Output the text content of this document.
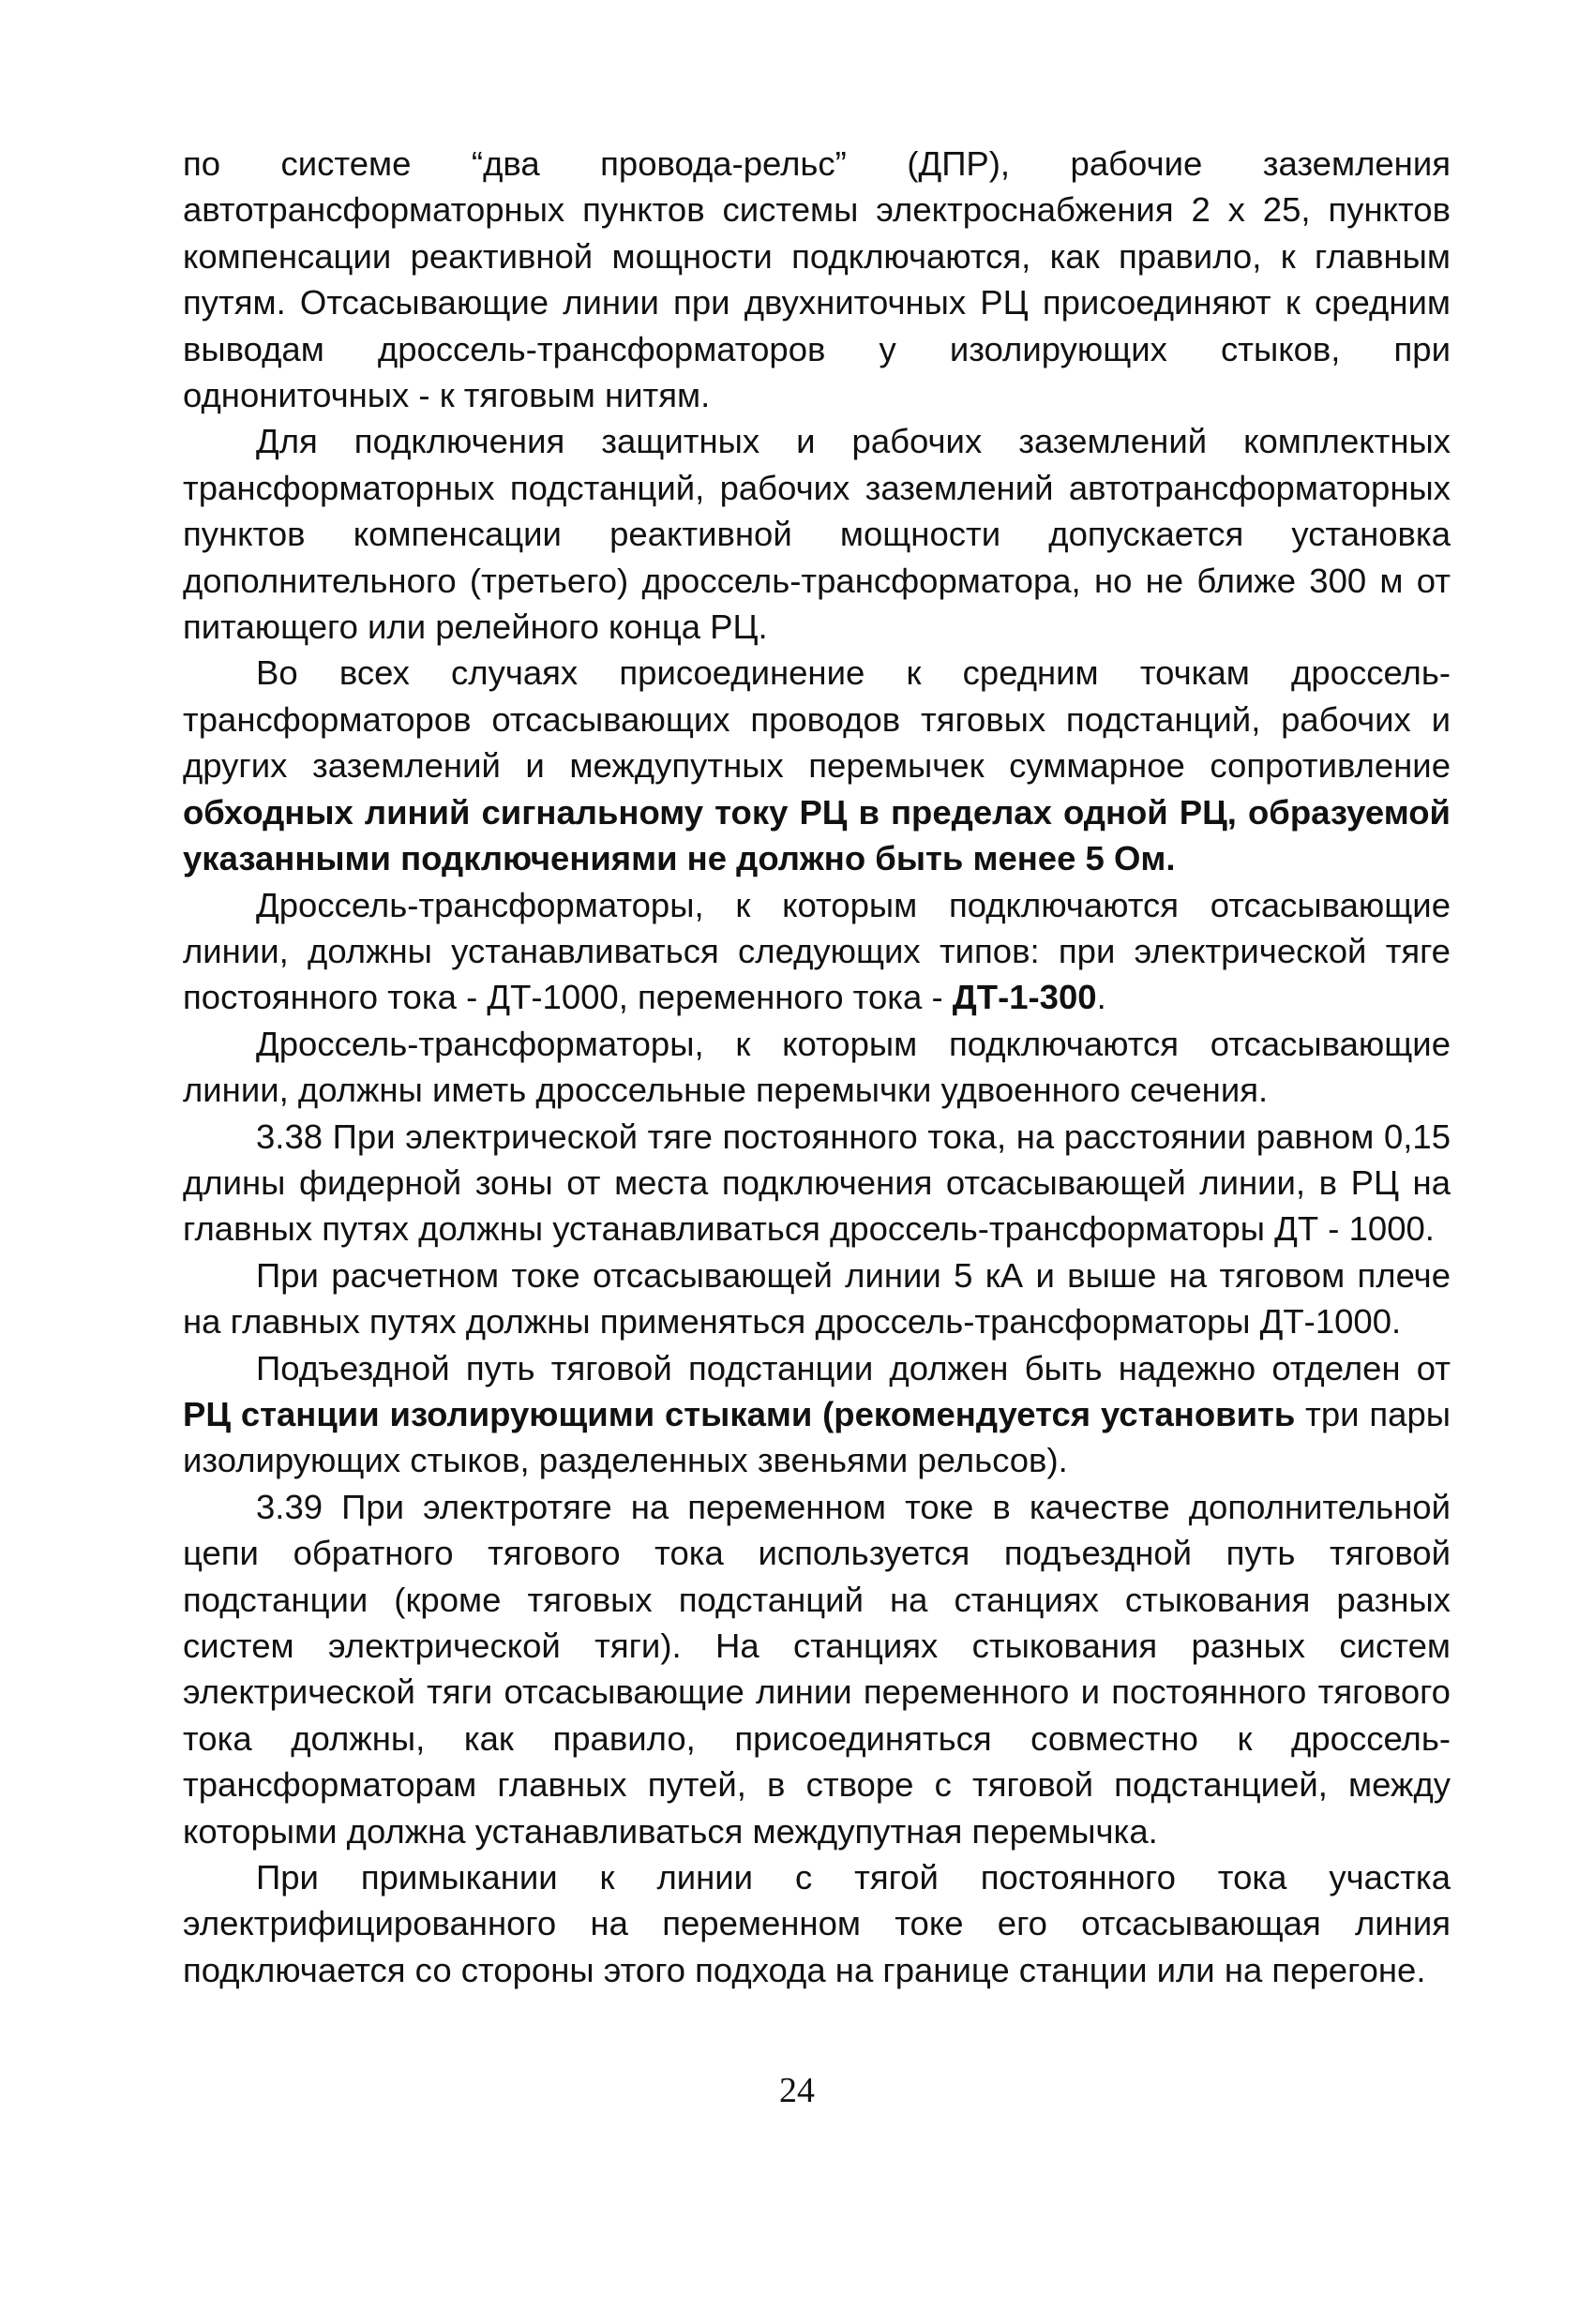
по системе “два провода-рельс” (ДПР), рабочие заземления автотрансформаторных пунктов системы электроснабжения 2 x 25, пунктов компенсации реактивной мощности подключаются, как правило, к главным путям. Отсасывающие линии при двухниточных РЦ присоединяют к средним выводам дроссель-трансформаторов у изолирующих стыков, при однониточных - к тяговым нитям.

Для подключения защитных и рабочих заземлений комплектных трансформаторных подстанций, рабочих заземлений автотрансформаторных пунктов компенсации реактивной мощности допускается установка дополнительного (третьего) дроссель-трансформатора, но не ближе 300 м от питающего или релейного конца РЦ.

Во всех случаях присоединение к средним точкам дроссель-трансформаторов отсасывающих проводов тяговых подстанций, рабочих и других заземлений и междупутных перемычек суммарное сопротивление обходных линий сигнальному току РЦ в пределах одной РЦ, образуемой указанными подключениями не должно быть менее 5 Ом.

Дроссель-трансформаторы, к которым подключаются отсасывающие линии, должны устанавливаться следующих типов: при электрической тяге постоянного тока - ДТ-1000, переменного тока - ДТ-1-300.

Дроссель-трансформаторы, к которым подключаются отсасывающие линии, должны иметь дроссельные перемычки удвоенного сечения.

3.38 При электрической тяге постоянного тока, на расстоянии равном 0,15 длины фидерной зоны от места подключения отсасывающей линии, в РЦ на главных путях должны устанавливаться дроссель-трансформаторы ДТ - 1000.

При расчетном токе отсасывающей линии 5 кА и выше на тяговом плече на главных путях должны применяться дроссель-трансформаторы ДТ-1000.

Подъездной путь тяговой подстанции должен быть надежно отделен от РЦ станции изолирующими стыками (рекомендуется установить три пары изолирующих стыков, разделенных звеньями рельсов).

3.39 При электротяге на переменном токе в качестве дополнительной цепи обратного тягового тока используется подъездной путь тяговой подстанции (кроме тяговых подстанций на станциях стыкования разных систем электрической тяги). На станциях стыкования разных систем электрической тяги отсасывающие линии переменного и постоянного тягового тока должны, как правило, присоединяться совместно к дроссель-трансформаторам главных путей, в створе с тяговой подстанцией, между которыми должна устанавливаться междупутная перемычка.

При примыкании к линии с тягой постоянного тока участка электрифицированного на переменном токе его отсасывающая линия подключается со стороны этого подхода на границе станции или на перегоне.

24
